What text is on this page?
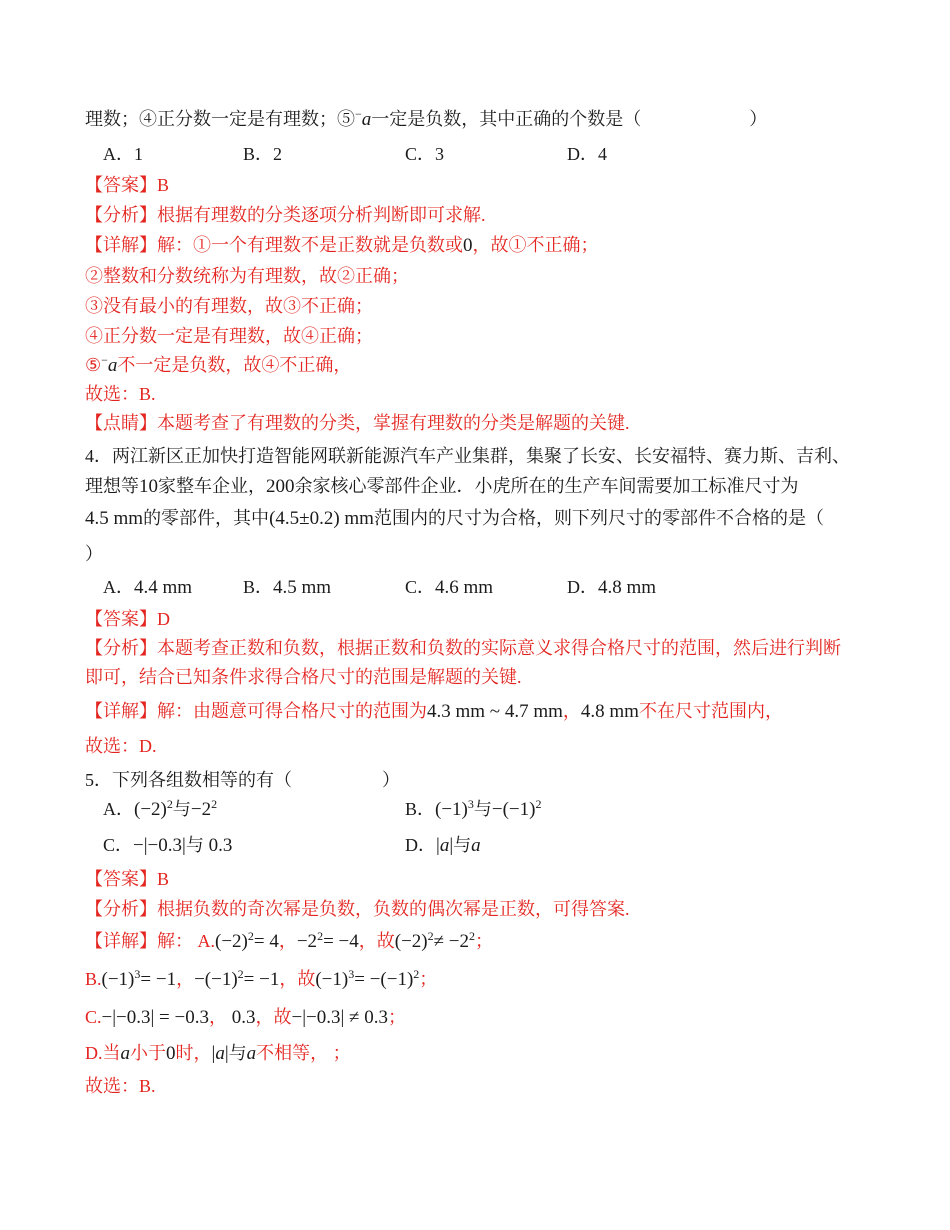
理数；④正分数一定是有理数；⑤−a一定是负数，其中正确的个数是（　　　　　　）
A．1	B．2	C．3	D．4
【答案】B
【分析】根据有理数的分类逐项分析判断即可求解.
【详解】解：①一个有理数不是正数就是负数或0，故①不正确；
②整数和分数统称为有理数，故②正确；
③没有最小的有理数，故③不正确；
④正分数一定是有理数，故④正确；
⑤−a不一定是负数，故④不正确，
故选：B.
【点睛】本题考查了有理数的分类，掌握有理数的分类是解题的关键.
4．两江新区正加快打造智能网联新能源汽车产业集群，集聚了长安、长安福特、赛力斯、吉利、
理想等10家整车企业，200余家核心零部件企业．小虎所在的生产车间需要加工标准尺寸为
4.5 mm的零部件，其中(4.5±0.2) mm范围内的尺寸为合格，则下列尺寸的零部件不合格的是（
）
A．4.4 mm	B．4.5 mm	C．4.6 mm	D．4.8 mm
【答案】D
【分析】本题考查正数和负数，根据正数和负数的实际意义求得合格尺寸的范围，然后进行判断
即可，结合已知条件求得合格尺寸的范围是解题的关键.
【详解】解：由题意可得合格尺寸的范围为4.3 mm ~ 4.7 mm，4.8 mm不在尺寸范围内，
故选：D.
5．下列各组数相等的有（　　　　　）
A．$(-2)^2$与$-2^2$	B．$(-1)^3$与$-(-1)^2$
C．−|−0.3|与 0.3	D．|a|与a
【答案】B
【分析】根据负数的奇次幂是负数，负数的偶次幂是正数，可得答案.
【详解】解： $A.(-2)^2= 4$，$-2^2= -4$，故$(-2)^2\ne -2^2$；
$B.(-1)^3= -1$，$-(-1)^2= -1$，故$(-1)^3= -(-1)^2$；
C.−|−0.3| = −0.3， 0.3，故−|−0.3| ≠ 0.3；
D.当a小于0时，|a|与a不相等， ；
故选：B.
